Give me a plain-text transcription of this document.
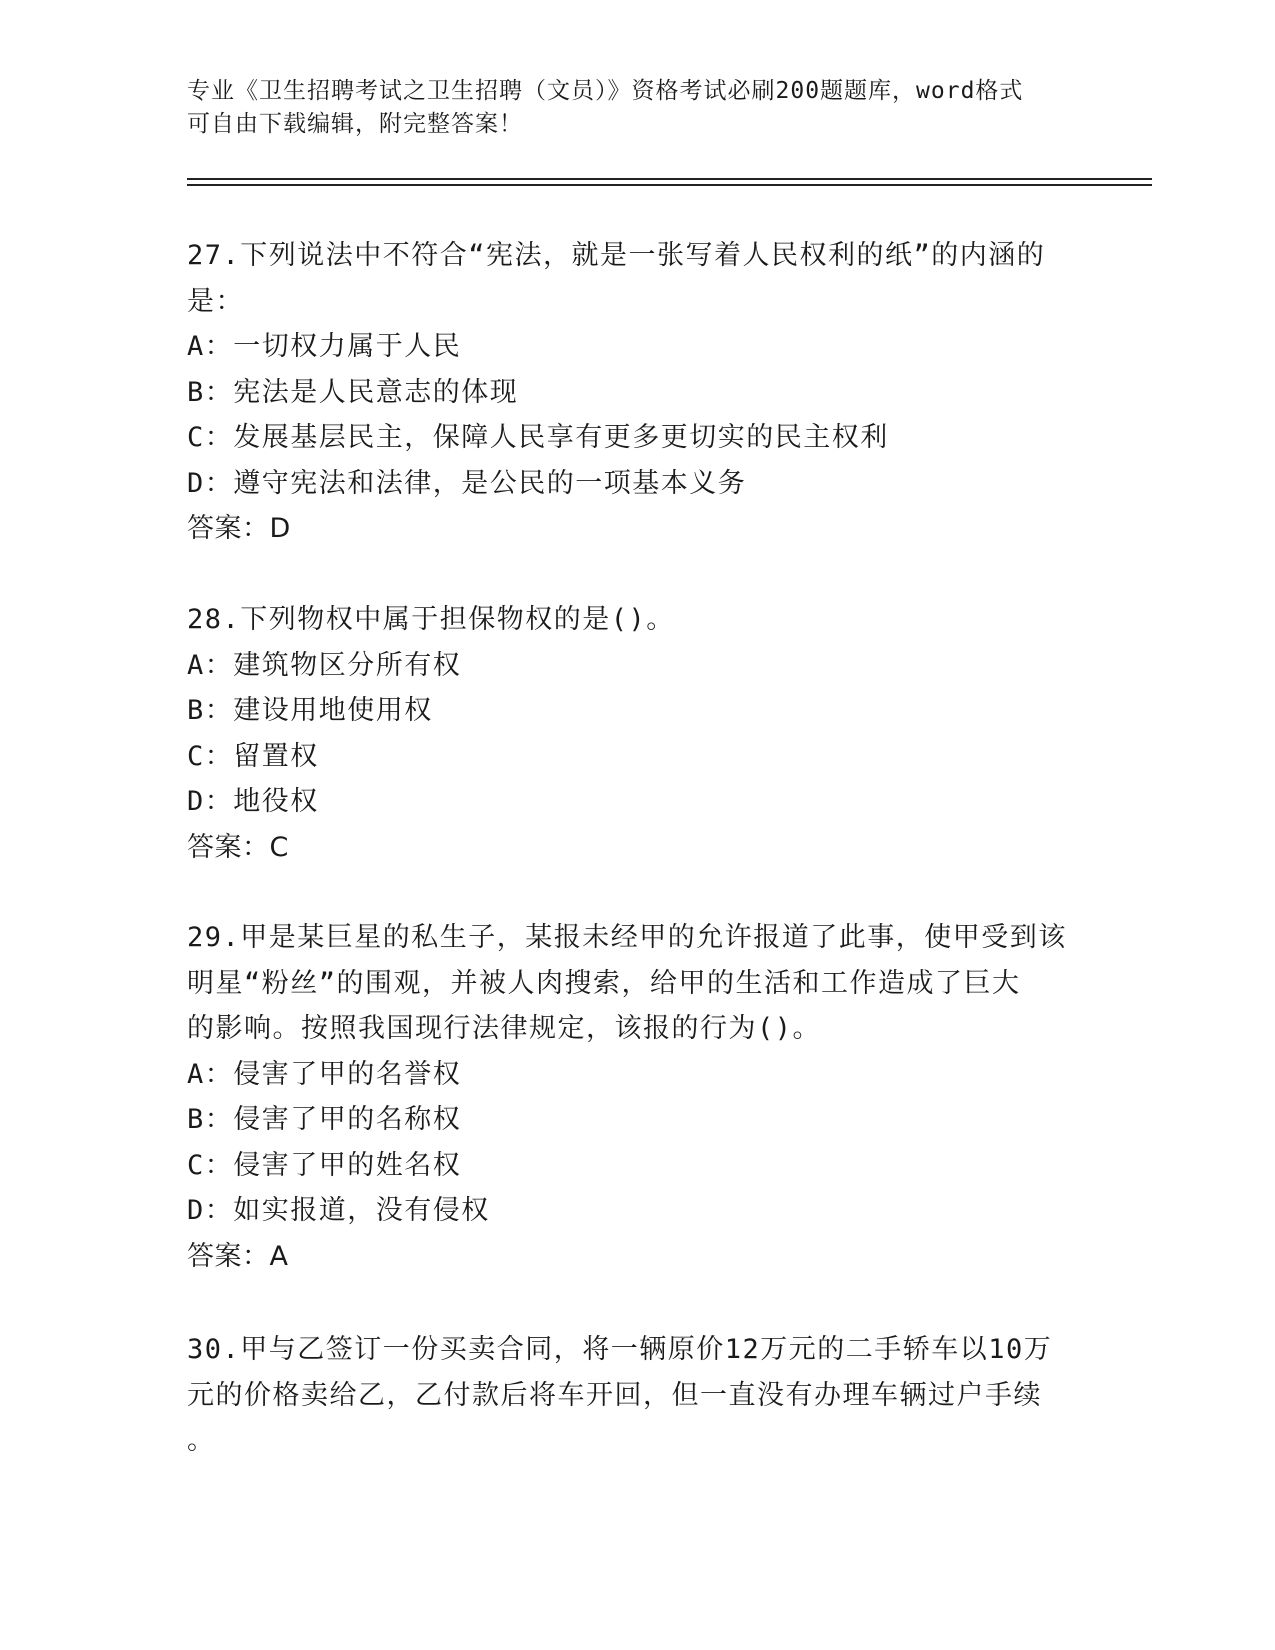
专业《卫生招聘考试之卫生招聘（文员）》资格考试必刷200题题库，word格式
可自由下载编辑，附完整答案！
27.下列说法中不符合“宪法，就是一张写着人民权利的纸”的内涵的
是：
A：一切权力属于人民
B：宪法是人民意志的体现
C：发展基层民主，保障人民享有更多更切实的民主权利
D：遵守宪法和法律，是公民的一项基本义务
答案：D
28.下列物权中属于担保物权的是()。
A：建筑物区分所有权
B：建设用地使用权
C：留置权
D：地役权
答案：C
29.甲是某巨星的私生子，某报未经甲的允许报道了此事，使甲受到该
明星“粉丝”的围观，并被人肉搜索，给甲的生活和工作造成了巨大
的影响。按照我国现行法律规定，该报的行为()。
A：侵害了甲的名誉权
B：侵害了甲的名称权
C：侵害了甲的姓名权
D：如实报道，没有侵权
答案：A
30.甲与乙签订一份买卖合同，将一辆原价12万元的二手轿车以10万
元的价格卖给乙，乙付款后将车开回，但一直没有办理车辆过户手续
。
